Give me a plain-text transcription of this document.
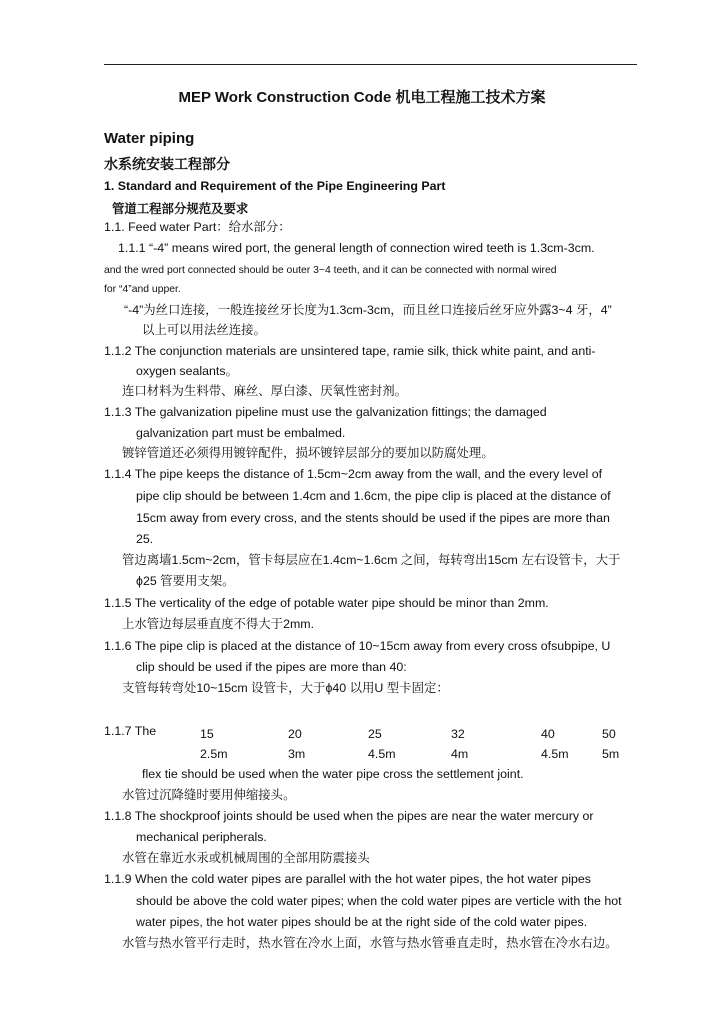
MEP Work Construction Code 机电工程施工技术方案
Water piping
水系统安装工程部分
1. Standard and Requirement of the Pipe Engineering Part
管道工程部分规范及要求
1.1. Feed water Part：给水部分：
1.1.1 “-4” means wired port, the general length of connection wired teeth is 1.3cm-3cm.
and the wred port connected should be outer 3~4 teeth, and it can be connected with normal wired
for “4”and upper.
“-4”为丝口连接，一般连接丝牙长度为1.3cm-3cm，而且丝口连接后丝牙应外露3~4 牙，4”
以上可以用法丝连接。
1.1.2 The conjunction materials are unsintered tape, ramie silk, thick white paint, and anti-
oxygen sealants。
连口材料为生料带、麻丝、厚白漆、厌氧性密封剂。
1.1.3 The galvanization pipeline must use the galvanization fittings; the damaged
galvanization part must be embalmed.
镀锌管道还必须得用镀锌配件，损坏镀锌层部分的要加以防腐处理。
1.1.4 The pipe keeps the distance of 1.5cm~2cm away from the wall, and the every level of
pipe clip should be between 1.4cm and 1.6cm, the pipe clip is placed at the distance of
15cm away from every cross, and the stents should be used if the pipes are more than
25.
管边离墙1.5cm~2cm，管卡每层应在1.4cm~1.6cm 之间，每转弯出15cm 左右设管卡，大于
ϕ25 管要用支架。
1.1.5 The verticality of the edge of potable water pipe should be minor than 2mm.
上水管边每层垂直度不得大于2mm.
1.1.6 The pipe clip is placed at the distance of 10~15cm away from every cross ofsubpipe, U
clip should be used if the pipes are more than 40:
支管每转弯处10~15cm 设管卡，大于ϕ40 以用U 型卡固定：
1.1.7 The	15	20	25	32	40	50
2.5m	3m	4.5m	4m	4.5m	5m
flex tie should be used when the water pipe cross the settlement joint.
水管过沉降缝时要用伸缩接头。
1.1.8 The shockproof joints should be used when the pipes are near the water mercury or
mechanical peripherals.
水管在靠近水汞或机械周围的全部用防震接头
1.1.9 When the cold water pipes are parallel with the hot water pipes, the hot water pipes
should be above the cold water pipes; when the cold water pipes are verticle with the hot
water pipes, the hot water pipes should be at the right side of the cold water pipes.
水管与热水管平行走时，热水管在冷水上面，水管与热水管垂直走时，热水管在冷水右边。
